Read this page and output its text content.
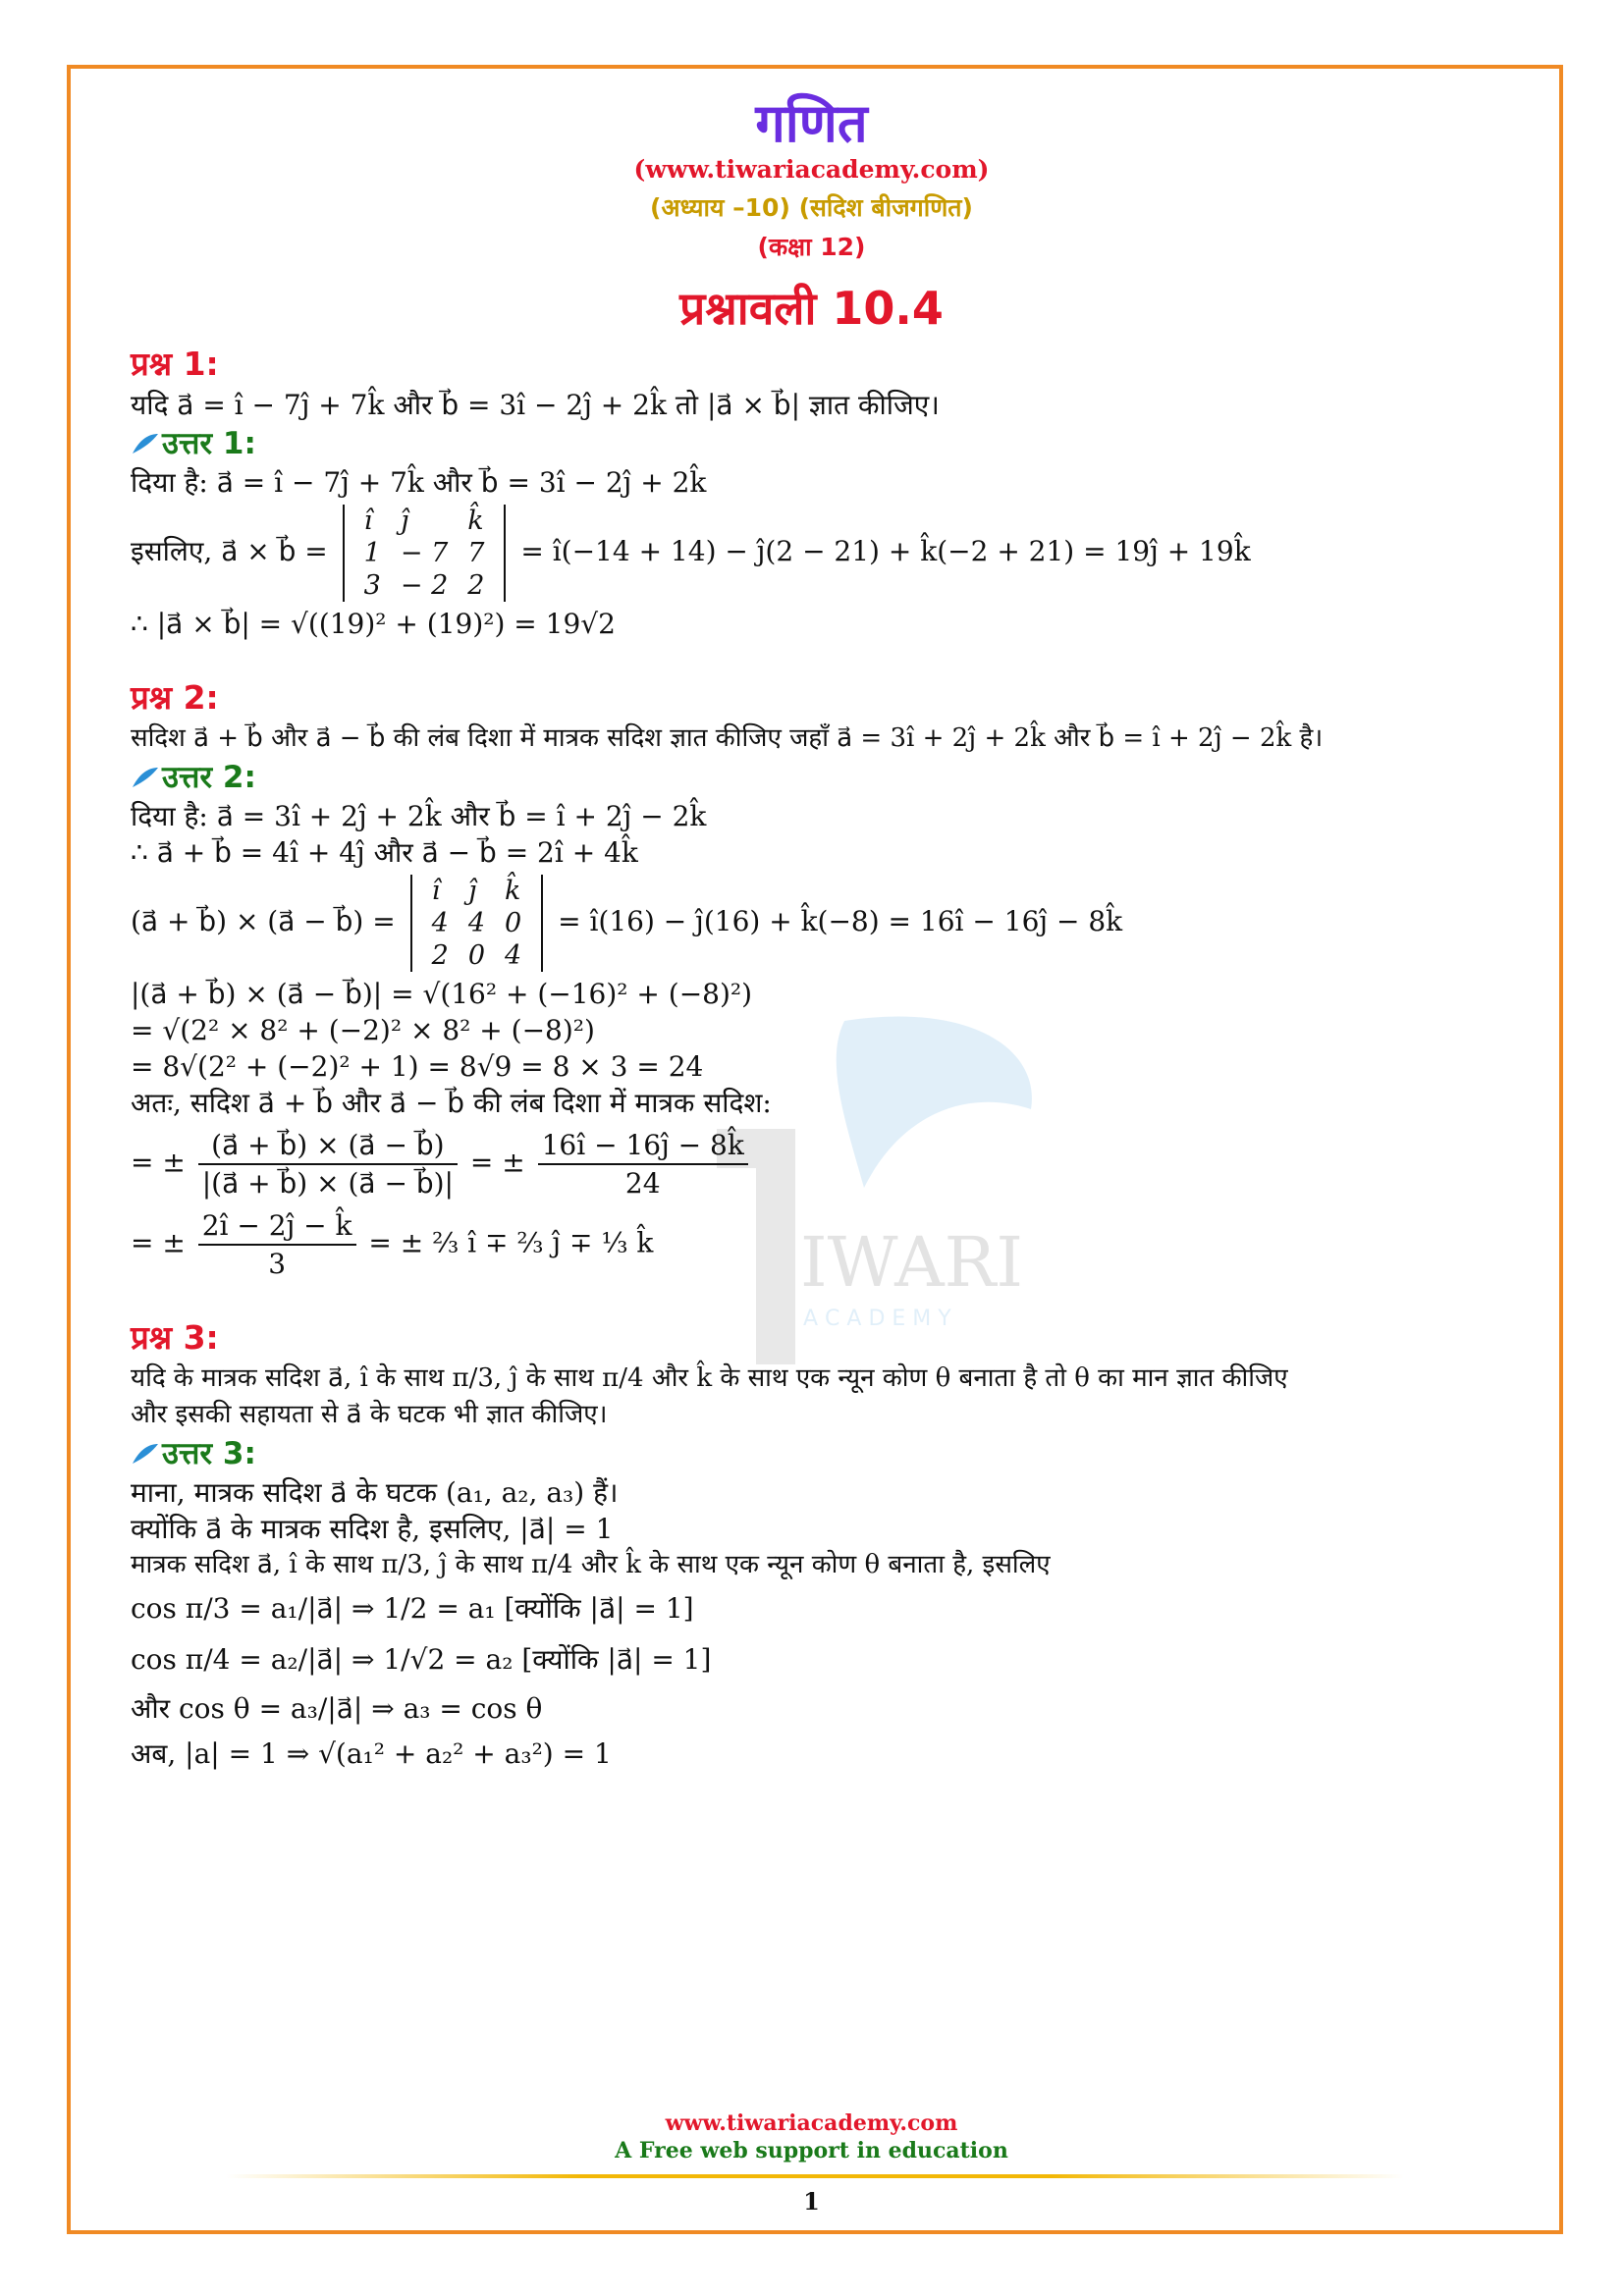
IWARI
A C A D E M Y
गणित
(www.tiwariacademy.com)
(अध्याय –10) (सदिश बीजगणित)
(कक्षा 12)
प्रश्नावली 10.4
प्रश्न 1:
यदि a⃗ = î − 7ĵ + 7k̂ और b⃗ = 3î − 2ĵ + 2k̂ तो |a⃗ × b⃗| ज्ञात कीजिए।
उत्तर 1:
दिया है: a⃗ = î − 7ĵ + 7k̂ और b⃗ = 3î − 2ĵ + 2k̂
इसलिए, a⃗ × b⃗ =
î	ĵ	k̂
1	− 7	7
3	− 2	2
= î(−14 + 14) − ĵ(2 − 21) + k̂(−2 + 21) = 19ĵ + 19k̂
∴ |a⃗ × b⃗| = √((19)² + (19)²) = 19√2
प्रश्न 2:
सदिश a⃗ + b⃗ और a⃗ − b⃗ की लंब दिशा में मात्रक सदिश ज्ञात कीजिए जहाँ a⃗ = 3î + 2ĵ + 2k̂ और b⃗ = î + 2ĵ − 2k̂ है।
उत्तर 2:
दिया है: a⃗ = 3î + 2ĵ + 2k̂ और b⃗ = î + 2ĵ − 2k̂
∴ a⃗ + b⃗ = 4î + 4ĵ और a⃗ − b⃗ = 2î + 4k̂
(a⃗ + b⃗) × (a⃗ − b⃗) =
î	ĵ	k̂
4	4	0
2	0	4
= î(16) − ĵ(16) + k̂(−8) = 16î − 16ĵ − 8k̂
|(a⃗ + b⃗) × (a⃗ − b⃗)| = √(16² + (−16)² + (−8)²)
= √(2² × 8² + (−2)² × 8² + (−8)²)
= 8√(2² + (−2)² + 1) = 8√9 = 8 × 3 = 24
अतः, सदिश a⃗ + b⃗ और a⃗ − b⃗ की लंब दिशा में मात्रक सदिश:
= ± $\frac{(a⃗ + b⃗) \times (a⃗ - b⃗)}{|(a⃗ + b⃗) \times (a⃗ - b⃗)|}$ = ± $\frac{16î - 16ĵ - 8k̂}{24}$
= ± $\frac{2î - 2ĵ - k̂}{3}$ = ± ⅔ î ∓ ⅔ ĵ ∓ ⅓ k̂
प्रश्न 3:
यदि के मात्रक सदिश a⃗, î के साथ π/3, ĵ के साथ π/4 और k̂ के साथ एक न्यून कोण θ बनाता है तो θ का मान ज्ञात कीजिए
और इसकी सहायता से a⃗ के घटक भी ज्ञात कीजिए।
उत्तर 3:
माना, मात्रक सदिश a⃗ के घटक (a₁, a₂, a₃) हैं।
क्योंकि a⃗ के मात्रक सदिश है, इसलिए, |a⃗| = 1
मात्रक सदिश a⃗, î के साथ π/3, ĵ के साथ π/4 और k̂ के साथ एक न्यून कोण θ बनाता है, इसलिए
cos π/3 = a₁/|a⃗| ⇒ 1/2 = a₁ [क्योंकि |a⃗| = 1]
cos π/4 = a₂/|a⃗| ⇒ 1/√2 = a₂ [क्योंकि |a⃗| = 1]
और cos θ = a₃/|a⃗| ⇒ a₃ = cos θ
अब, |a| = 1 ⇒ √(a₁² + a₂² + a₃²) = 1
www.tiwariacademy.com
A Free web support in education
1
